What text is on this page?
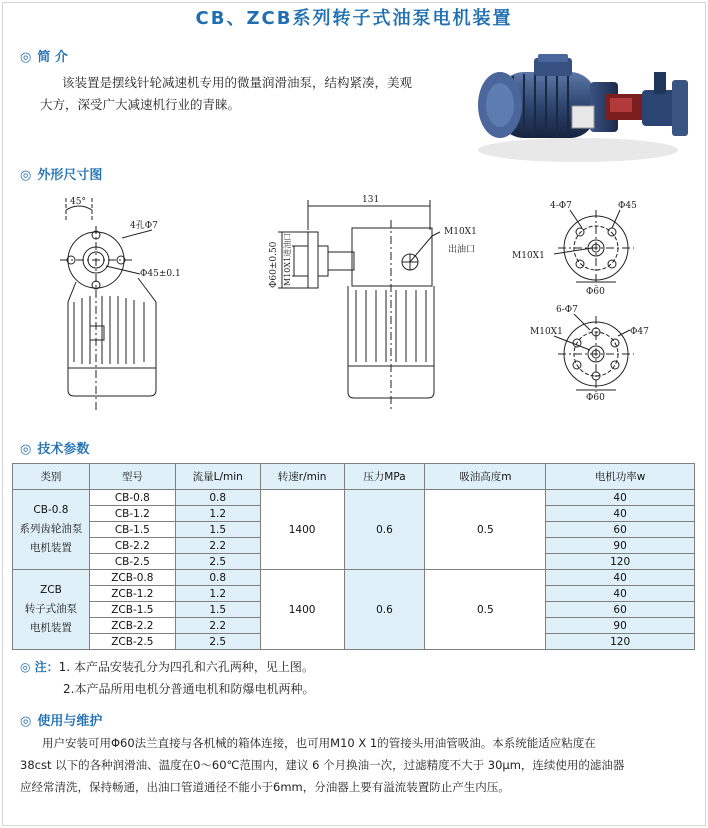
CB、ZCB系列转子式油泵电机装置
◎ 简 介
该装置是摆线针轮减速机专用的微量润滑油泵，结构紧凑，美观
大方，深受广大减速机行业的青睐。
◎ 外形尺寸图
45°
4孔Φ7
Φ45±0.1
131
M10X1
出油口
Φ60±0.50 M10X1进油口
4-Φ7	Φ45
M10X1
Φ60
6-Φ7
M10X1	Φ47
Φ60
◎ 技术参数
类别	型号	流量L/min	转速r/min	压力MPa	吸油高度m	电机功率w

CB-0.8
系列齿轮油泵
电机装置	CB-0.8	0.8	1400	0.6	0.5	40
	CB-1.2	1.2				40
	CB-1.5	1.5				60
	CB-2.2	2.2				90
	CB-2.5	2.5				120

ZCB
转子式油泵
电机装置	ZCB-0.8	0.8	1400	0.6	0.5	40
	ZCB-1.2	1.2				40
	ZCB-1.5	1.5				60
	ZCB-2.2	2.2				90
	ZCB-2.5	2.5				120
◎ 注：1. 本产品安装孔分为四孔和六孔两种，见上图。
2.本产品所用电机分普通电机和防爆电机两种。
◎ 使用与维护
用户安装可用Φ60法兰直接与各机械的箱体连接，也可用M10 X 1的管接头用油管吸油。本系统能适应粘度在
38cst 以下的各种润滑油、温度在0～60℃范围内，建议 6 个月换油一次，过滤精度不大于 30μm，连续使用的滤油器
应经常清洗，保持畅通，出油口管道通径不能小于6mm，分油器上要有溢流装置防止产生内压。
